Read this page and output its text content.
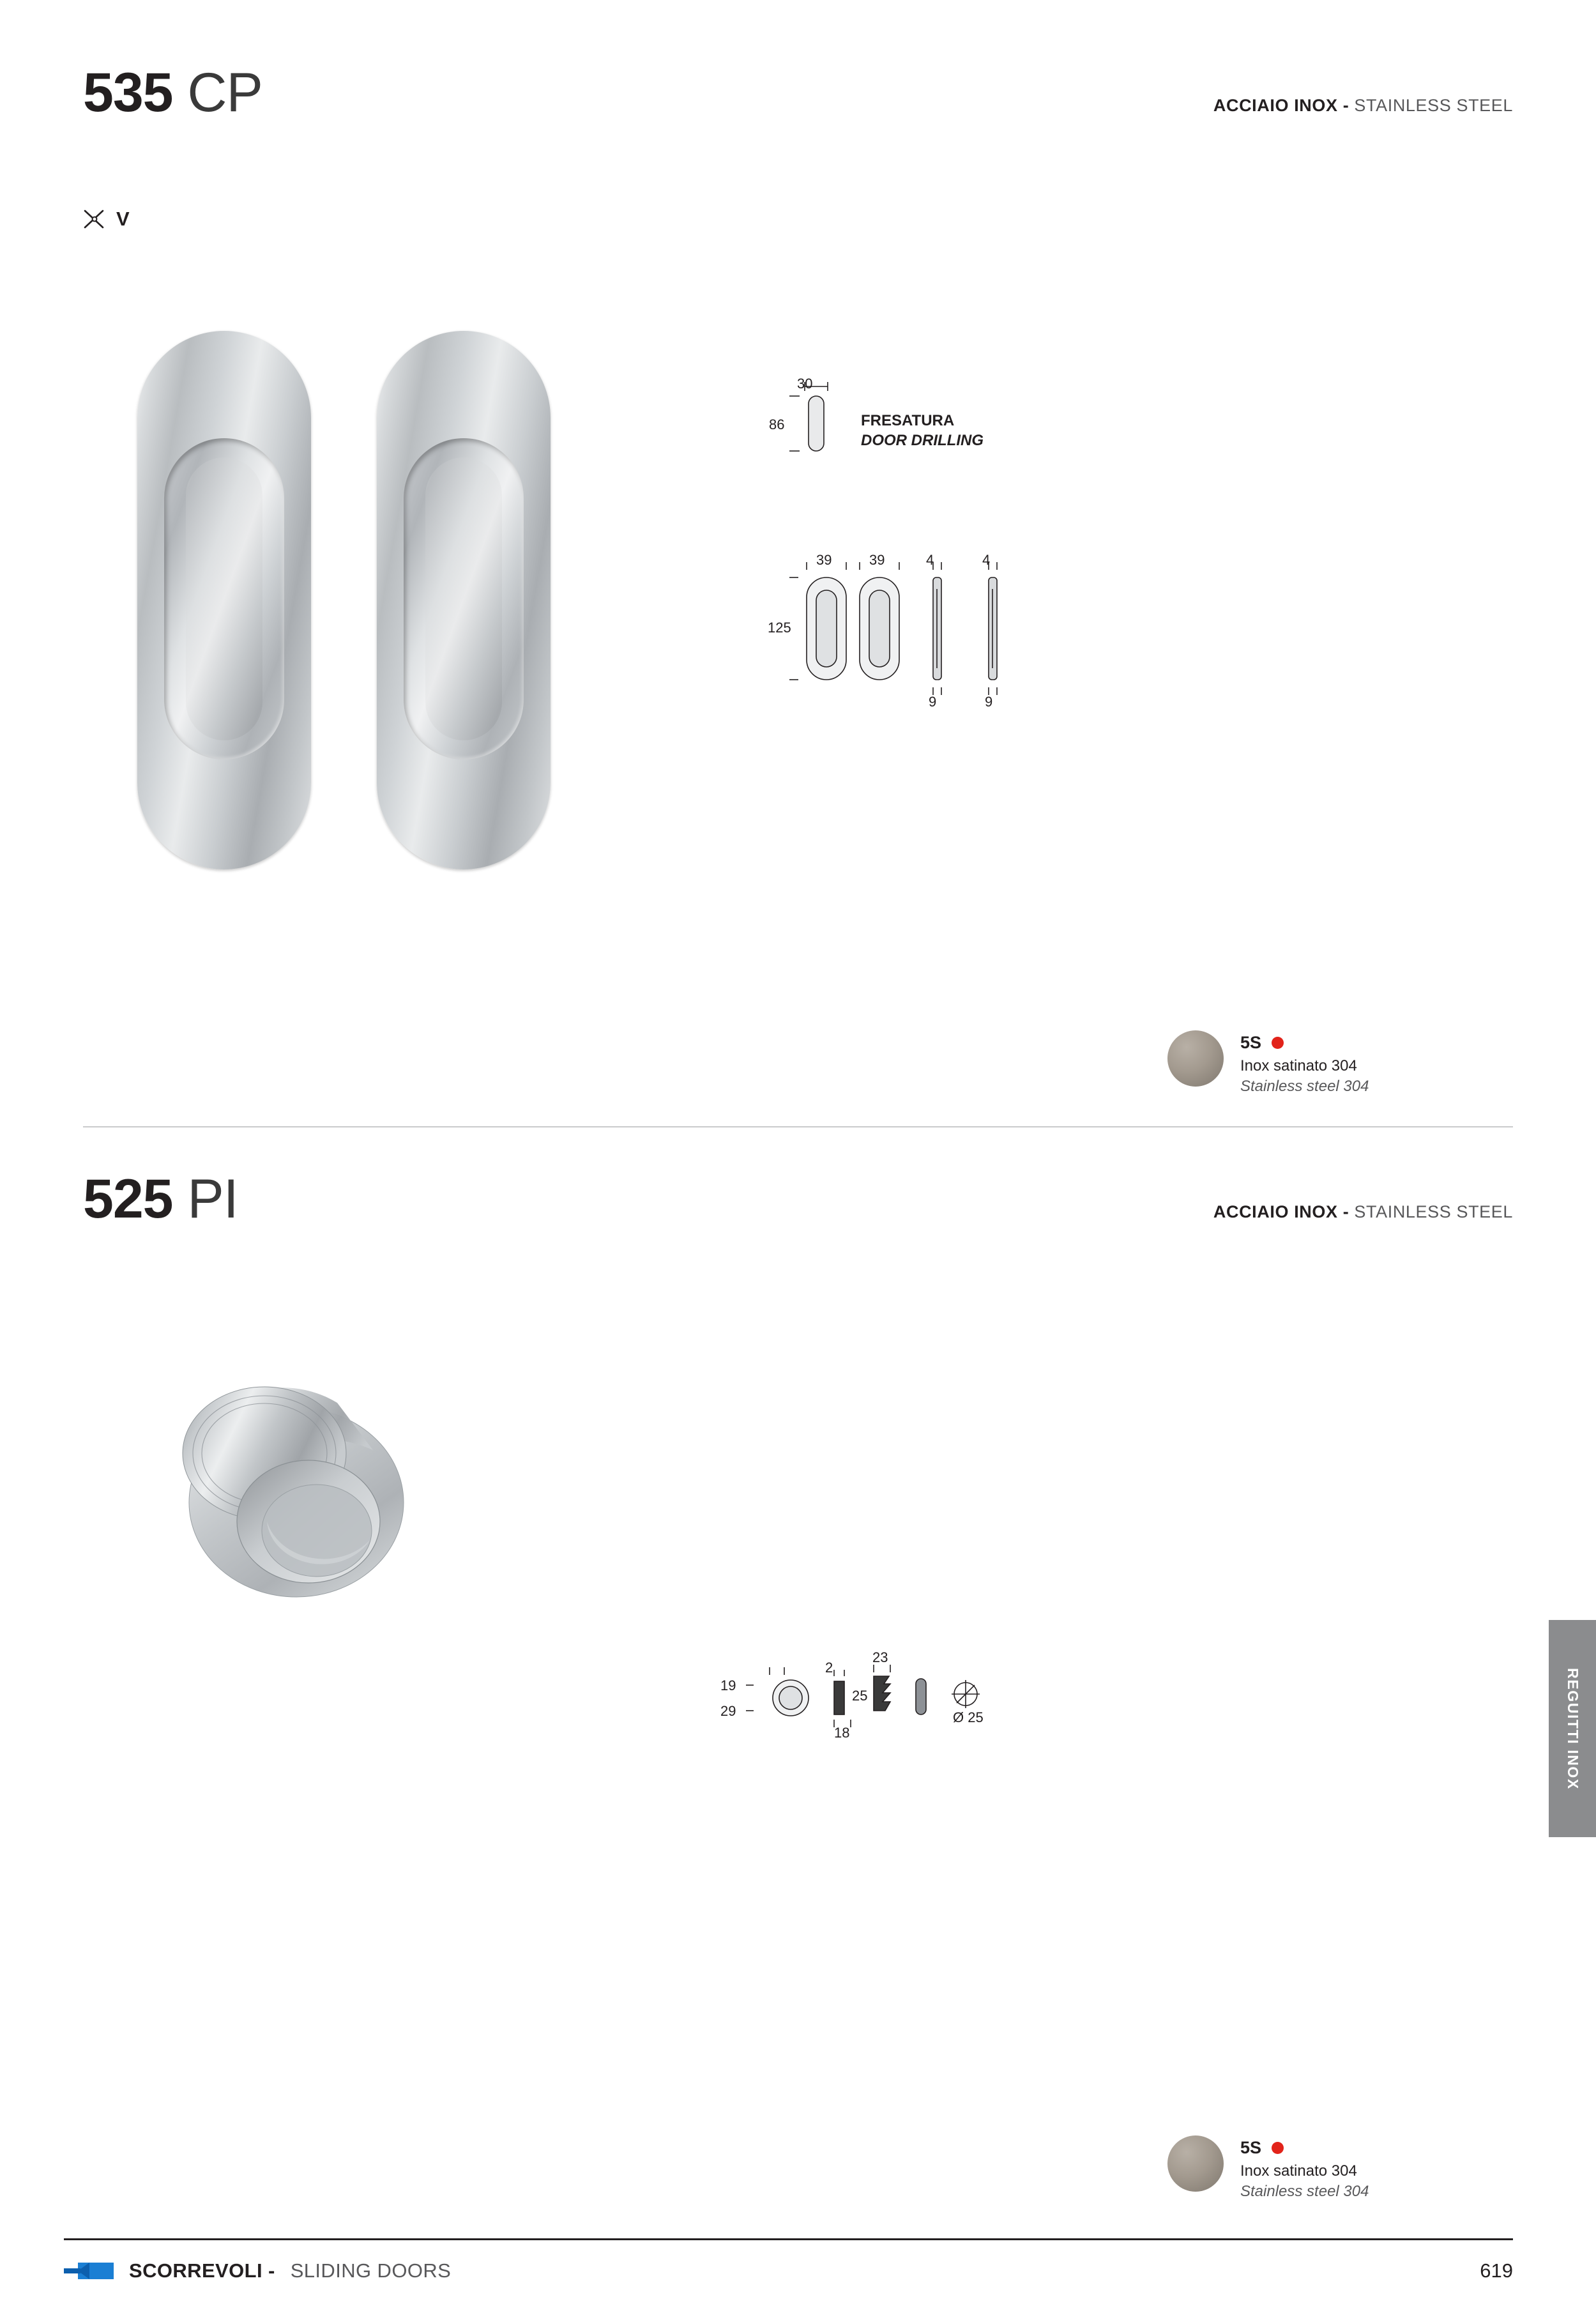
535 CP	ACCIAIO INOX - STAINLESS STEEL
V
30
86	FRESATURA
DOOR DRILLING
125
39	39	4	4
9	9
5S
Inox satinato 304
Stainless steel 304
525 PI	ACCIAIO INOX - STAINLESS STEEL
19
29
2
25
18
23
Ø 25	REGUITTI INOX
5S
Inox satinato 304
Stainless steel 304
SCORREVOLI - SLIDING DOORS	619
